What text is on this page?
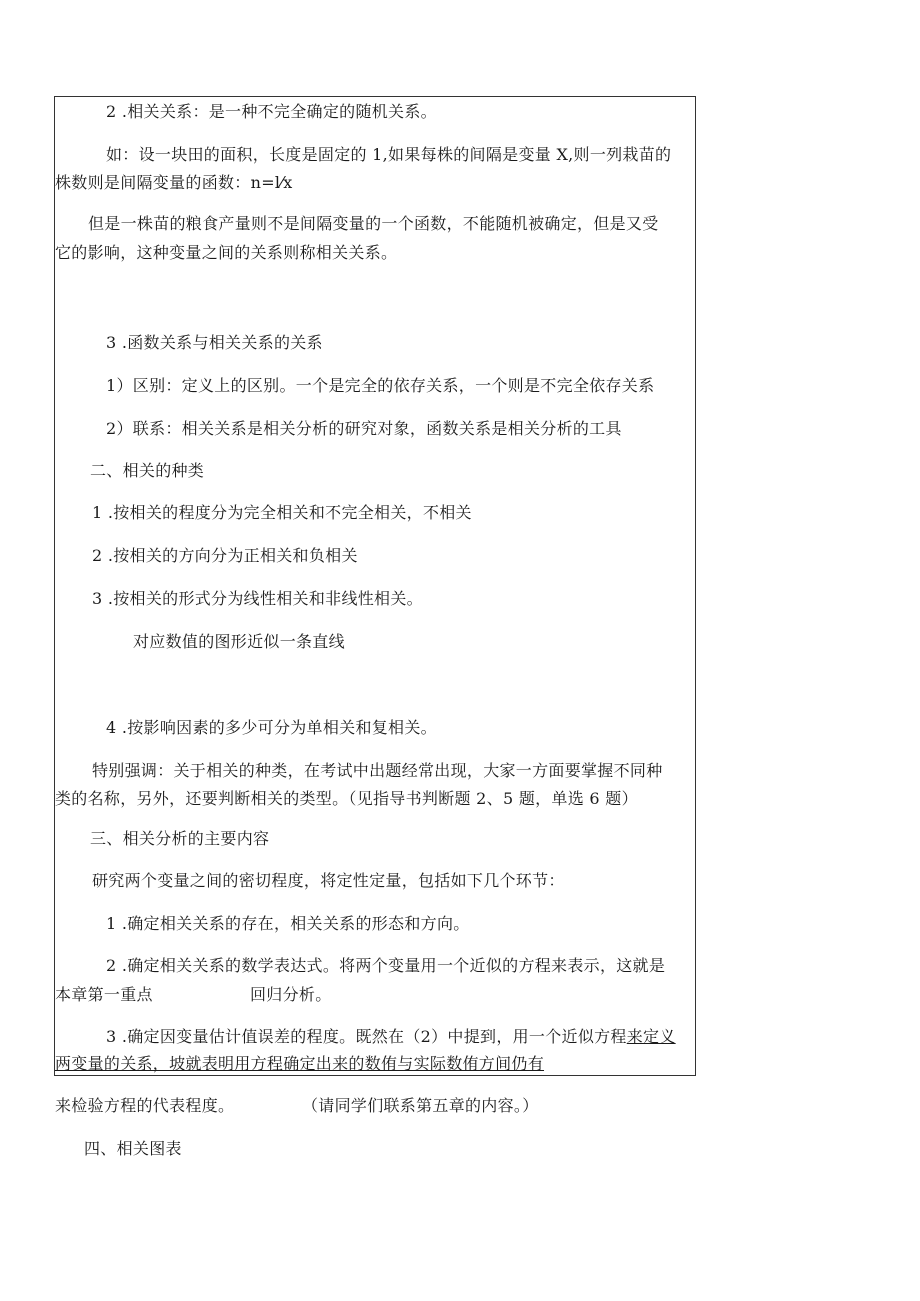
2 .相关关系：是一种不完全确定的随机关系。
如：设一块田的面积，长度是固定的 1,如果每株的间隔是变量 X,则一列栽苗的
株数则是间隔变量的函数：n=l⁄x
但是一株苗的粮食产量则不是间隔变量的一个函数，不能随机被确定，但是又受
它的影响，这种变量之间的关系则称相关关系。
3 .函数关系与相关关系的关系
1）区别：定义上的区别。一个是完全的依存关系，一个则是不完全依存关系
2）联系：相关关系是相关分析的研究对象，函数关系是相关分析的工具
二、相关的种类
1 .按相关的程度分为完全相关和不完全相关，不相关
2 .按相关的方向分为正相关和负相关
3 .按相关的形式分为线性相关和非线性相关。
对应数值的图形近似一条直线
4 .按影响因素的多少可分为单相关和复相关。
特别强调：关于相关的种类，在考试中出题经常出现，大家一方面要掌握不同种
类的名称，另外，还要判断相关的类型。（见指导书判断题 2、5 题，单选 6 题）
三、相关分析的主要内容
研究两个变量之间的密切程度，将定性定量，包括如下几个环节：
1 .确定相关关系的存在，相关关系的形态和方向。
2 .确定相关关系的数学表达式。将两个变量用一个近似的方程来表示，这就是
本章第一重点	回归分析。
3 .确定因变量估计值误差的程度。既然在（2）中提到，用一个近似方程来定义
两变量的关系，坡就表明用方程确定出来的数侑与实际数侑方间仍有
来检验方程的代表程度。	（请同学们联系第五章的内容。）
四、相关图表
